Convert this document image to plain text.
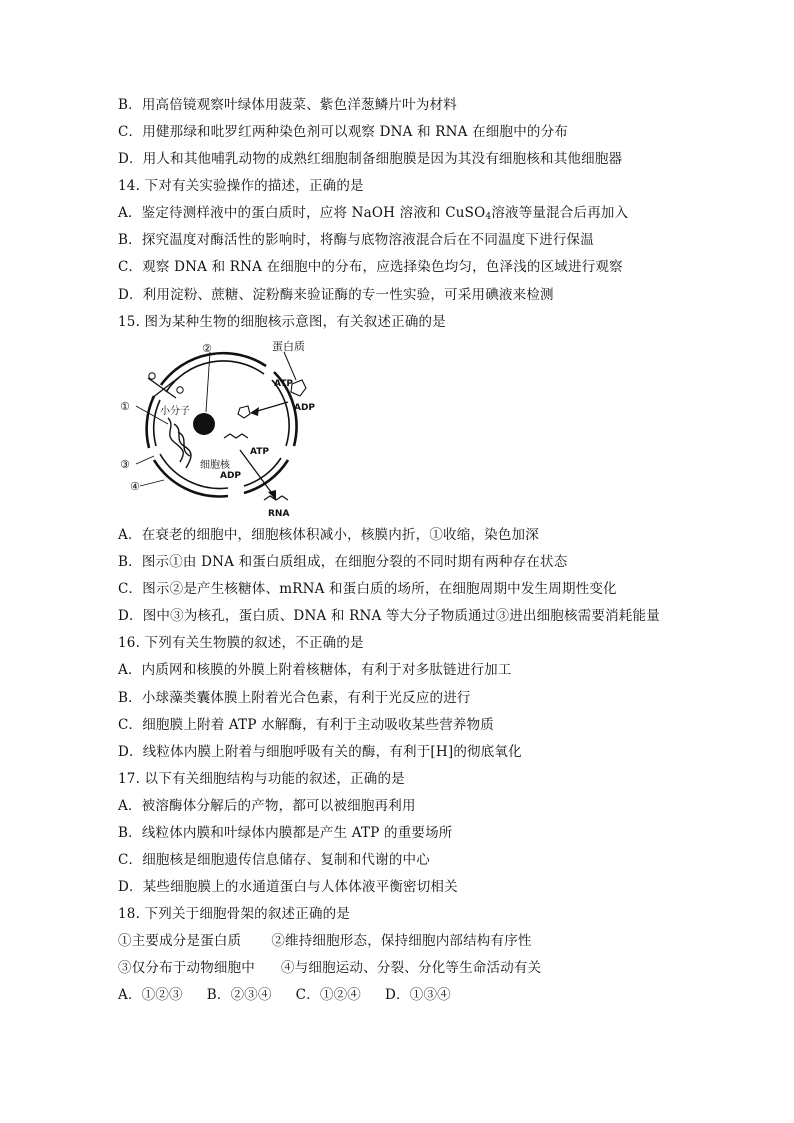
B．用高倍镜观察叶绿体用菠菜、紫色洋葱鳞片叶为材料
C．用健那绿和吡罗红两种染色剂可以观察 DNA 和 RNA 在细胞中的分布
D．用人和其他哺乳动物的成熟红细胞制备细胞膜是因为其没有细胞核和其他细胞器
14. 下对有关实验操作的描述，正确的是
A．鉴定待测样液中的蛋白质时，应将 NaOH 溶液和 CuSO$_4$溶液等量混合后再加入
B．探究温度对酶活性的影响时，将酶与底物溶液混合后在不同温度下进行保温
C．观察 DNA 和 RNA 在细胞中的分布，应选择染色均匀，色泽浅的区域进行观察
D．利用淀粉、蔗糖、淀粉酶来验证酶的专一性实验，可采用碘液来检测
15. 图为某种生物的细胞核示意图，有关叙述正确的是
②	蛋白质
ATP
ADP
①	小分子
ATP
③	细胞核
ADP
④
RNA
A．在衰老的细胞中，细胞核体积减小，核膜内折，①收缩，染色加深
B．图示①由 DNA 和蛋白质组成，在细胞分裂的不同时期有两种存在状态
C．图示②是产生核糖体、mRNA 和蛋白质的场所，在细胞周期中发生周期性变化
D．图中③为核孔，蛋白质、DNA 和 RNA 等大分子物质通过③进出细胞核需要消耗能量
16. 下列有关生物膜的叙述，不正确的是
A．内质网和核膜的外膜上附着核糖体，有利于对多肽链进行加工
B．小球藻类囊体膜上附着光合色素，有利于光反应的进行
C．细胞膜上附着 ATP 水解酶，有利于主动吸收某些营养物质
D．线粒体内膜上附着与细胞呼吸有关的酶，有利于[H]的彻底氧化
17. 以下有关细胞结构与功能的叙述，正确的是
A．被溶酶体分解后的产物，都可以被细胞再利用
B．线粒体内膜和叶绿体内膜都是产生 ATP 的重要场所
C．细胞核是细胞遗传信息储存、复制和代谢的中心
D．某些细胞膜上的水通道蛋白与人体体液平衡密切相关
18. 下列关于细胞骨架的叙述正确的是
①主要成分是蛋白质 ②维持细胞形态，保持细胞内部结构有序性
③仅分布于动物细胞中 ④与细胞运动、分裂、分化等生命活动有关
A．①②③ B．②③④ C．①②④ D．①③④
